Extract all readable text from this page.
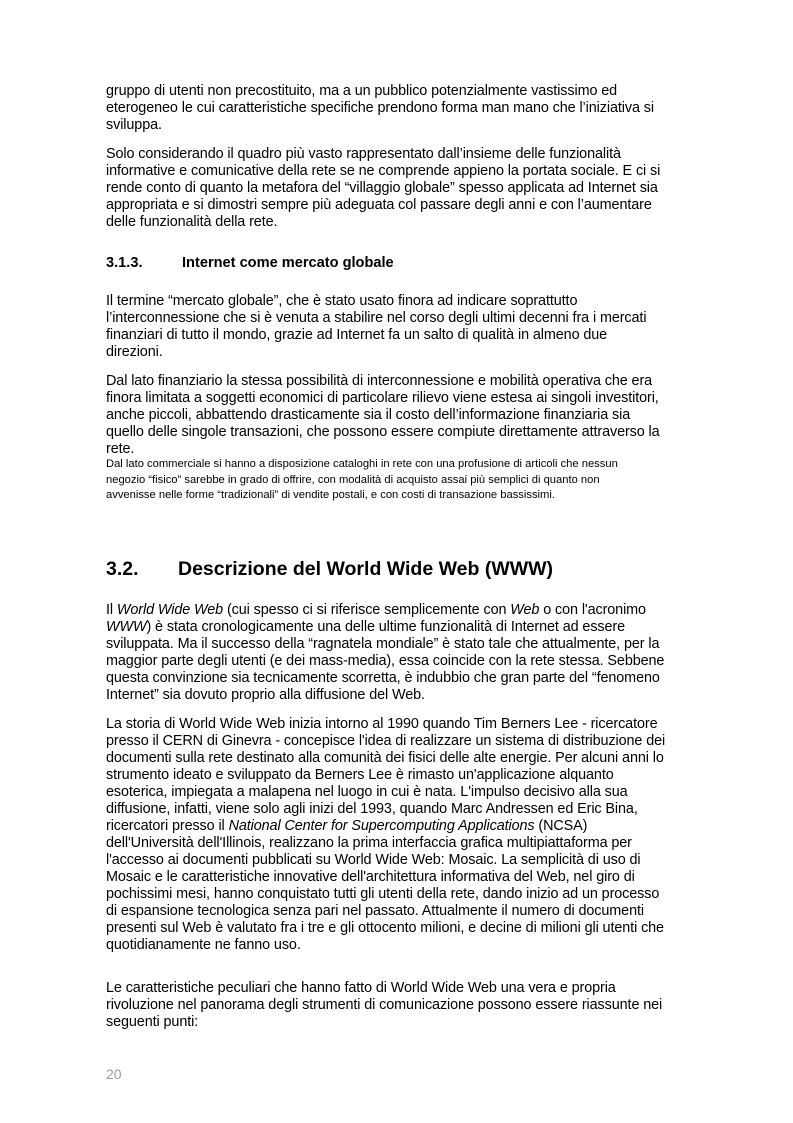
gruppo di utenti non precostituito, ma a un pubblico potenzialmente vastissimo ed eterogeneo le cui caratteristiche specifiche prendono forma man mano che l’iniziativa si sviluppa.

Solo considerando il quadro più vasto rappresentato dall’insieme delle funzionalità informative e comunicative della rete se ne comprende appieno la portata sociale. E ci si rende conto di quanto la metafora del “villaggio globale” spesso applicata ad Internet sia appropriata e si dimostri sempre più adeguata col passare degli anni e con l’aumentare delle funzionalità della rete.

3.1.3.	Internet come mercato globale

Il termine “mercato globale”, che è stato usato finora ad indicare soprattutto l’interconnessione che si è venuta a stabilire nel corso degli ultimi decenni fra i mercati finanziari di tutto il mondo, grazie ad Internet fa un salto di qualità in almeno due direzioni.

Dal lato finanziario la stessa possibilità di interconnessione e mobilità operativa che era finora limitata a soggetti economici di particolare rilievo viene estesa ai singoli investitori, anche piccoli, abbattendo drasticamente sia il costo dell’informazione finanziaria sia quello delle singole transazioni, che possono essere compiute direttamente attraverso la rete.

Dal lato commerciale si hanno a disposizione cataloghi in rete con una profusione di articoli che nessun negozio “fisico” sarebbe in grado di offrire, con modalità di acquisto assai più semplici di quanto non avvenisse nelle forme “tradizionali” di vendite postali, e con costi di transazione bassissimi.

3.2. Descrizione del World Wide Web (WWW)

Il World Wide Web (cui spesso ci si riferisce semplicemente con Web o con l'acronimo WWW) è stata cronologicamente una delle ultime funzionalità di Internet ad essere sviluppata. Ma il successo della “ragnatela mondiale” è stato tale che attualmente, per la maggior parte degli utenti (e dei mass-media), essa coincide con la rete stessa. Sebbene questa convinzione sia tecnicamente scorretta, è indubbio che gran parte del “fenomeno Internet” sia dovuto proprio alla diffusione del Web.

La storia di World Wide Web inizia intorno al 1990 quando Tim Berners Lee - ricercatore presso il CERN di Ginevra - concepisce l'idea di realizzare un sistema di distribuzione dei documenti sulla rete destinato alla comunità dei fisici delle alte energie. Per alcuni anni lo strumento ideato e sviluppato da Berners Lee è rimasto un'applicazione alquanto esoterica, impiegata a malapena nel luogo in cui è nata. L'impulso decisivo alla sua diffusione, infatti, viene solo agli inizi del 1993, quando Marc Andressen ed Eric Bina, ricercatori presso il National Center for Supercomputing Applications (NCSA) dell'Università dell'Illinois, realizzano la prima interfaccia grafica multipiattaforma per l'accesso ai documenti pubblicati su World Wide Web: Mosaic. La semplicità di uso di Mosaic e le caratteristiche innovative dell'architettura informativa del Web, nel giro di pochissimi mesi, hanno conquistato tutti gli utenti della rete, dando inizio ad un processo di espansione tecnologica senza pari nel passato. Attualmente il numero di documenti presenti sul Web è valutato fra i tre e gli ottocento milioni, e decine di milioni gli utenti che quotidianamente ne fanno uso.

Le caratteristiche peculiari che hanno fatto di World Wide Web una vera e propria rivoluzione nel panorama degli strumenti di comunicazione possono essere riassunte nei seguenti punti:

20
